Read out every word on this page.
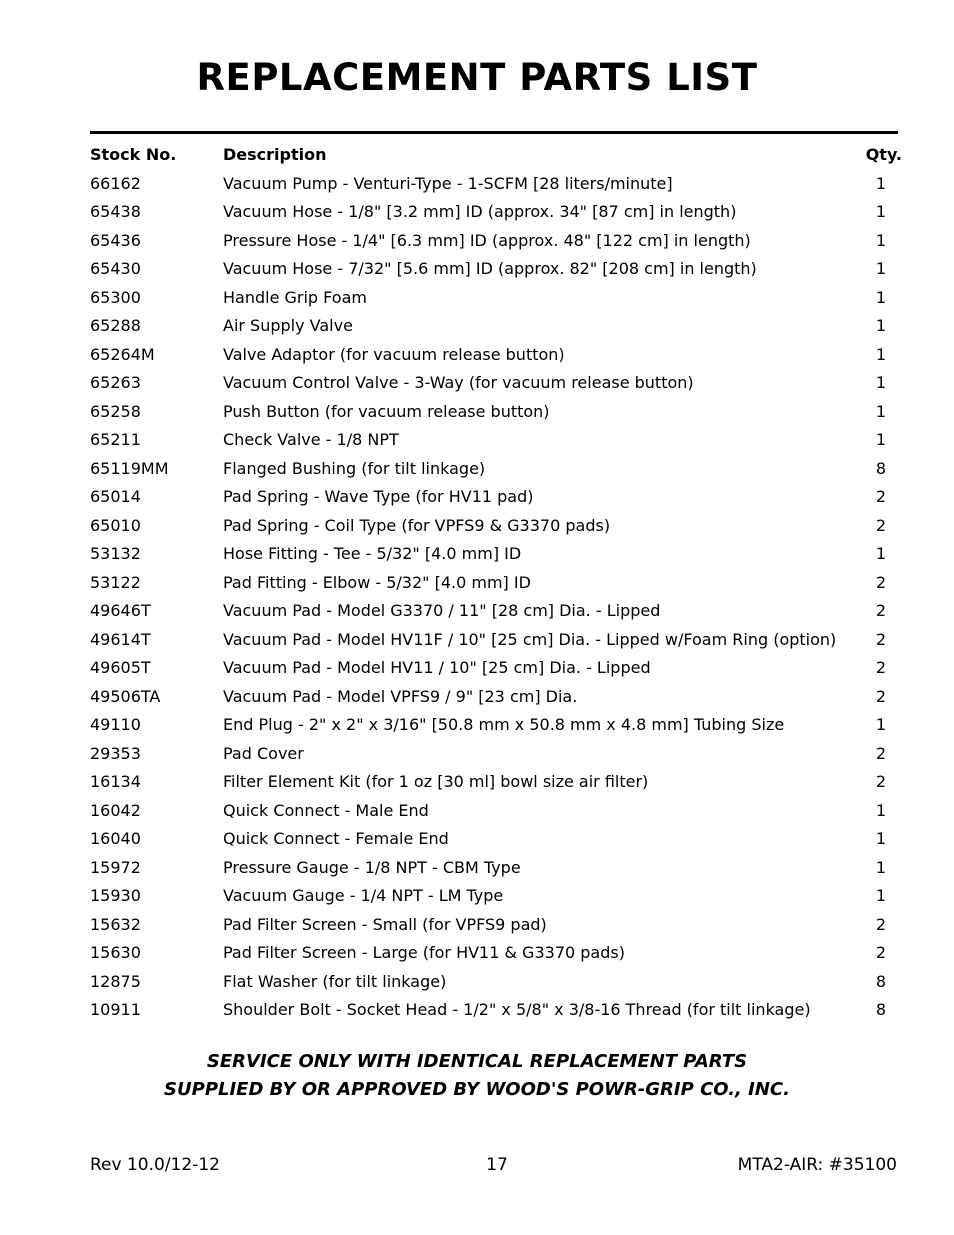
REPLACEMENT PARTS LIST
Stock No.	Description	Qty.
66162	Vacuum Pump - Venturi-Type - 1-SCFM [28 liters/minute]	1
65438	Vacuum Hose - 1/8" [3.2 mm] ID (approx. 34" [87 cm] in length)	1
65436	Pressure Hose - 1/4" [6.3 mm] ID (approx. 48" [122 cm] in length)	1
65430	Vacuum Hose - 7/32" [5.6 mm] ID (approx. 82" [208 cm] in length)	1
65300	Handle Grip Foam	1
65288	Air Supply Valve	1
65264M	Valve Adaptor (for vacuum release button)	1
65263	Vacuum Control Valve - 3-Way (for vacuum release button)	1
65258	Push Button (for vacuum release button)	1
65211	Check Valve - 1/8 NPT	1
65119MM	Flanged Bushing (for tilt linkage)	8
65014	Pad Spring - Wave Type (for HV11 pad)	2
65010	Pad Spring - Coil Type (for VPFS9 & G3370 pads)	2
53132	Hose Fitting - Tee - 5/32" [4.0 mm] ID	1
53122	Pad Fitting - Elbow - 5/32" [4.0 mm] ID	2
49646T	Vacuum Pad - Model G3370 / 11" [28 cm] Dia. - Lipped	2
49614T	Vacuum Pad - Model HV11F / 10" [25 cm] Dia. - Lipped w/Foam Ring (option) 2
49605T	Vacuum Pad - Model HV11 / 10" [25 cm] Dia. - Lipped	2
49506TA	Vacuum Pad - Model VPFS9 / 9" [23 cm] Dia.	2
49110	End Plug - 2" x 2" x 3/16" [50.8 mm x 50.8 mm x 4.8 mm] Tubing Size	1
29353	Pad Cover	2
16134	Filter Element Kit (for 1 oz [30 ml] bowl size air filter)	2
16042	Quick Connect - Male End	1
16040	Quick Connect - Female End	1
15972	Pressure Gauge - 1/8 NPT - CBM Type	1
15930	Vacuum Gauge - 1/4 NPT - LM Type	1
15632	Pad Filter Screen - Small (for VPFS9 pad)	2
15630	Pad Filter Screen - Large (for HV11 & G3370 pads)	2
12875	Flat Washer (for tilt linkage)	8
10911	Shoulder Bolt - Socket Head - 1/2" x 5/8" x 3/8-16 Thread (for tilt linkage)	8
SERVICE ONLY WITH IDENTICAL REPLACEMENT PARTS
SUPPLIED BY OR APPROVED BY WOOD'S POWR-GRIP CO., INC.
Rev 10.0/12-12	17	MTA2-AIR: #35100
